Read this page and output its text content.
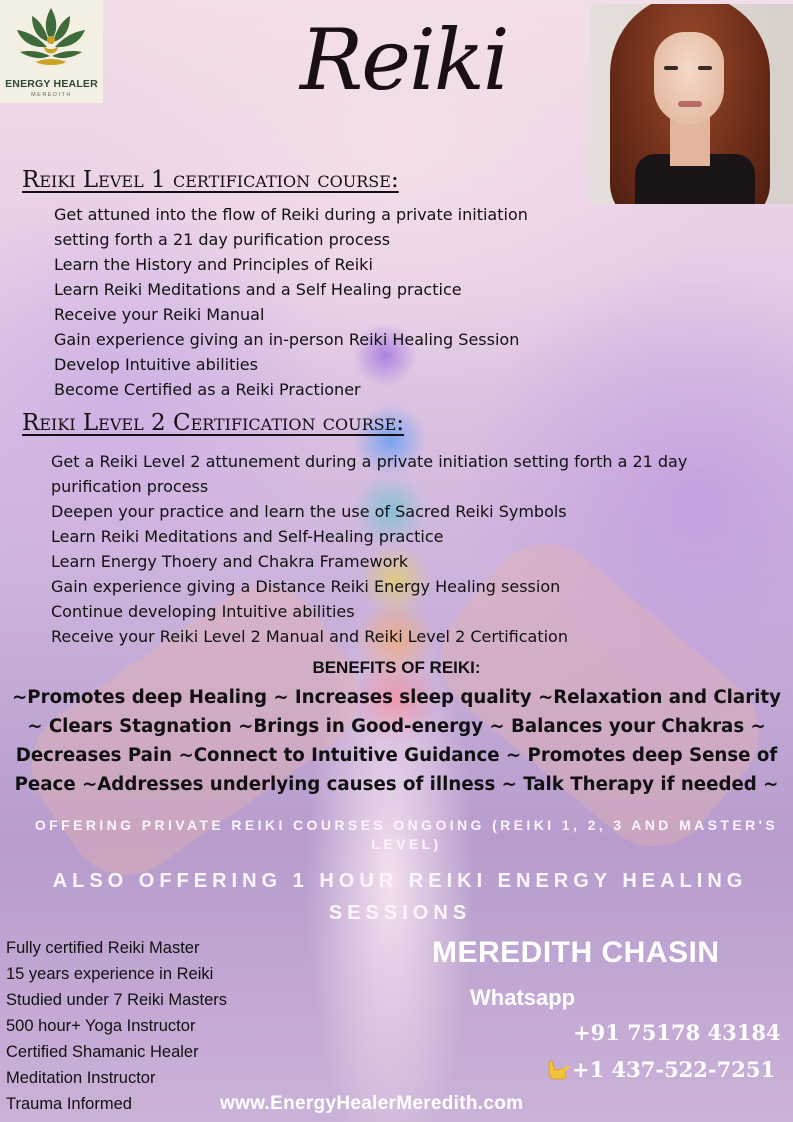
ENERGY HEALER
MEREDITH	Reiki
Reiki Level 1 certification course:
Get attuned into the flow of Reiki during a private initiation
setting forth a 21 day purification process
Learn the History and Principles of Reiki
Learn Reiki Meditations and a Self Healing practice
Receive your Reiki Manual
Gain experience giving an in-person Reiki Healing Session
Develop Intuitive abilities
Become Certified as a Reiki Practioner
Reiki Level 2 Certification course:
Get a Reiki Level 2 attunement during a private initiation setting forth a 21 day
purification process
Deepen your practice and learn the use of Sacred Reiki Symbols
Learn Reiki Meditations and Self-Healing practice
Learn Energy Thoery and Chakra Framework
Gain experience giving a Distance Reiki Energy Healing session
Continue developing Intuitive abilities
Receive your Reiki Level 2 Manual and Reiki Level 2 Certification
BENEFITS OF REIKI:
~Promotes deep Healing ~ Increases sleep quality ~Relaxation and Clarity ~ Clears Stagnation ~Brings in Good-energy ~ Balances your Chakras ~ Decreases Pain ~Connect to Intuitive Guidance ~ Promotes deep Sense of Peace ~Addresses underlying causes of illness ~ Talk Therapy if needed ~
OFFERING PRIVATE REIKI COURSES ONGOING (REIKI 1, 2, 3 AND MASTER'S LEVEL)
ALSO OFFERING 1 HOUR REIKI ENERGY HEALING SESSIONS
Fully certified Reiki Master
15 years experience in Reiki
Studied under 7 Reiki Masters
500 hour+ Yoga Instructor
Certified Shamanic Healer
Meditation Instructor
Trauma Informed
MEREDITH CHASIN
Whatsapp
+91 75178 43184
+1 437-522-7251
www.EnergyHealerMeredith.com
